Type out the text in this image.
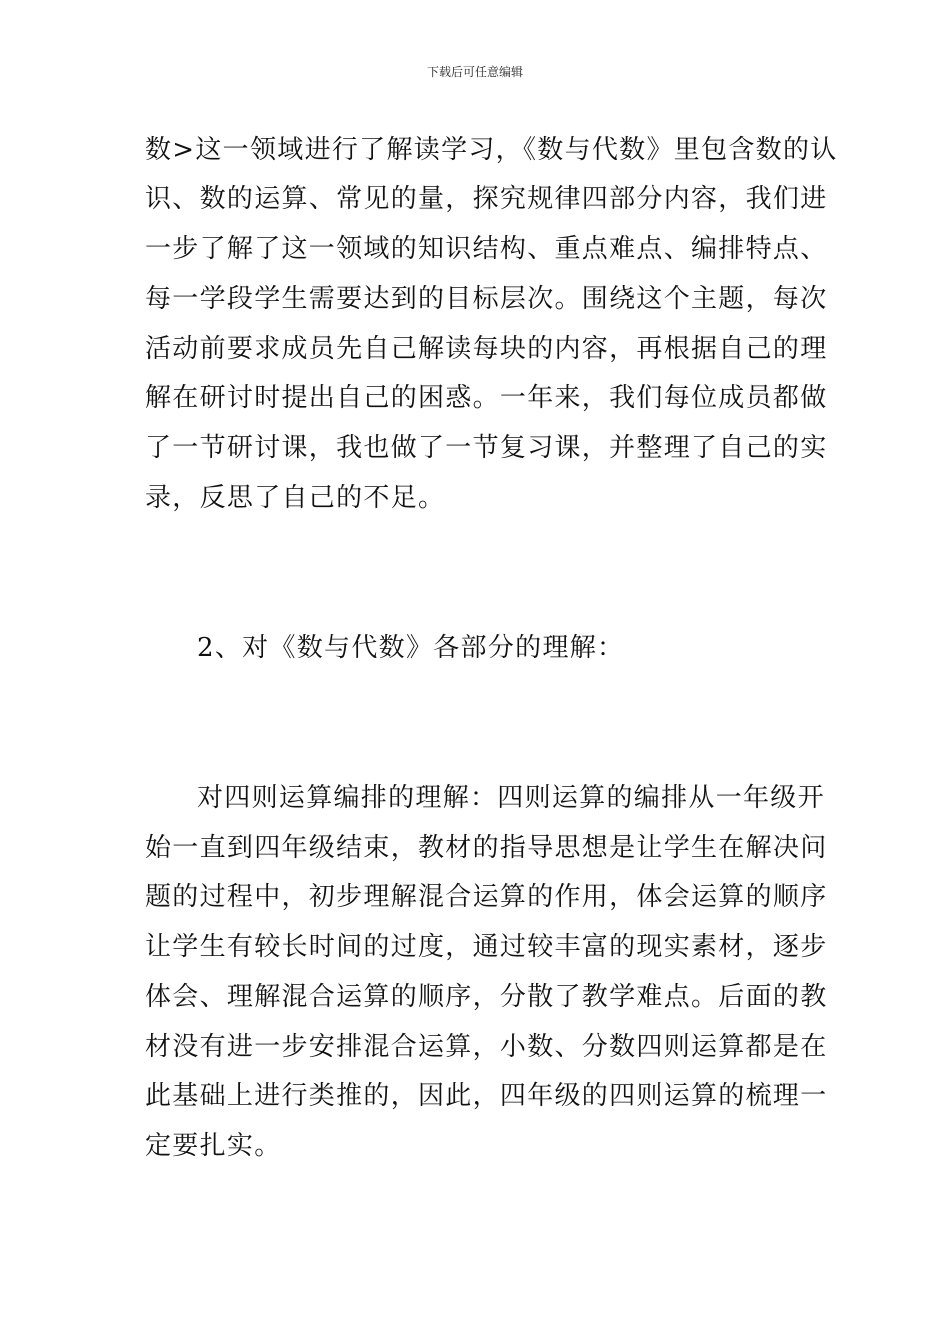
下载后可任意编辑
数>这一领域进行了解读学习，《数与代数》里包含数的认
识、数的运算、常见的量，探究规律四部分内容，我们进
一步了解了这一领域的知识结构、重点难点、编排特点、
每一学段学生需要达到的目标层次。围绕这个主题，每次
活动前要求成员先自己解读每块的内容，再根据自己的理
解在研讨时提出自己的困惑。一年来，我们每位成员都做
了一节研讨课，我也做了一节复习课，并整理了自己的实
录，反思了自己的不足。
2、对《数与代数》各部分的理解：
对四则运算编排的理解：四则运算的编排从一年级开
始一直到四年级结束，教材的指导思想是让学生在解决问
题的过程中，初步理解混合运算的作用，体会运算的顺序
让学生有较长时间的过度，通过较丰富的现实素材，逐步
体会、理解混合运算的顺序，分散了教学难点。后面的教
材没有进一步安排混合运算，小数、分数四则运算都是在
此基础上进行类推的，因此，四年级的四则运算的梳理一
定要扎实。
